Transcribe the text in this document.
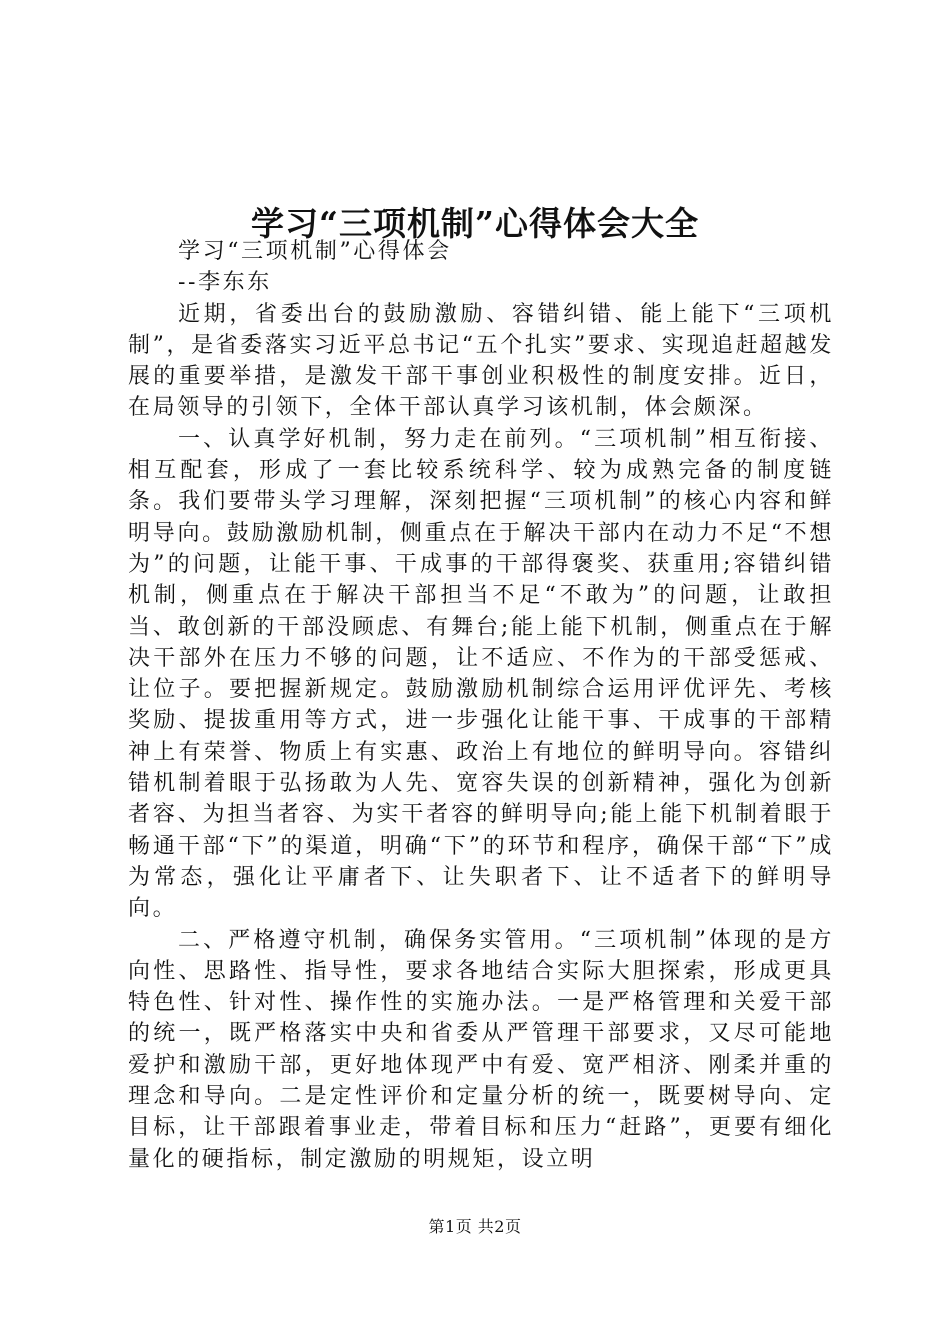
学习“三项机制”心得体会大全

学习“三项机制”心得体会

--李东东

近期，省委出台的鼓励激励、容错纠错、能上能下“三项机制”，是省委落实习近平总书记“五个扎实”要求、实现追赶超越发展的重要举措，是激发干部干事创业积极性的制度安排。近日，在局领导的引领下，全体干部认真学习该机制，体会颇深。

一、认真学好机制，努力走在前列。“三项机制”相互衔接、相互配套，形成了一套比较系统科学、较为成熟完备的制度链条。我们要带头学习理解，深刻把握“三项机制”的核心内容和鲜明导向。鼓励激励机制，侧重点在于解决干部内在动力不足“不想为”的问题，让能干事、干成事的干部得褒奖、获重用;容错纠错机制，侧重点在于解决干部担当不足“不敢为”的问题，让敢担当、敢创新的干部没顾虑、有舞台;能上能下机制，侧重点在于解决干部外在压力不够的问题，让不适应、不作为的干部受惩戒、让位子。要把握新规定。鼓励激励机制综合运用评优评先、考核奖励、提拔重用等方式，进一步强化让能干事、干成事的干部精神上有荣誉、物质上有实惠、政治上有地位的鲜明导向。容错纠错机制着眼于弘扬敢为人先、宽容失误的创新精神，强化为创新者容、为担当者容、为实干者容的鲜明导向;能上能下机制着眼于畅通干部“下”的渠道，明确“下”的环节和程序，确保干部“下”成为常态，强化让平庸者下、让失职者下、让不适者下的鲜明导向。

二、严格遵守机制，确保务实管用。“三项机制”体现的是方向性、思路性、指导性，要求各地结合实际大胆探索，形成更具特色性、针对性、操作性的实施办法。一是严格管理和关爱干部的统一，既严格落实中央和省委从严管理干部要求，又尽可能地爱护和激励干部，更好地体现严中有爱、宽严相济、刚柔并重的理念和导向。二是定性评价和定量分析的统一，既要树导向、定目标，让干部跟着事业走，带着目标和压力“赶路”，更要有细化量化的硬指标，制定激励的明规矩，设立明

第1页 共2页
